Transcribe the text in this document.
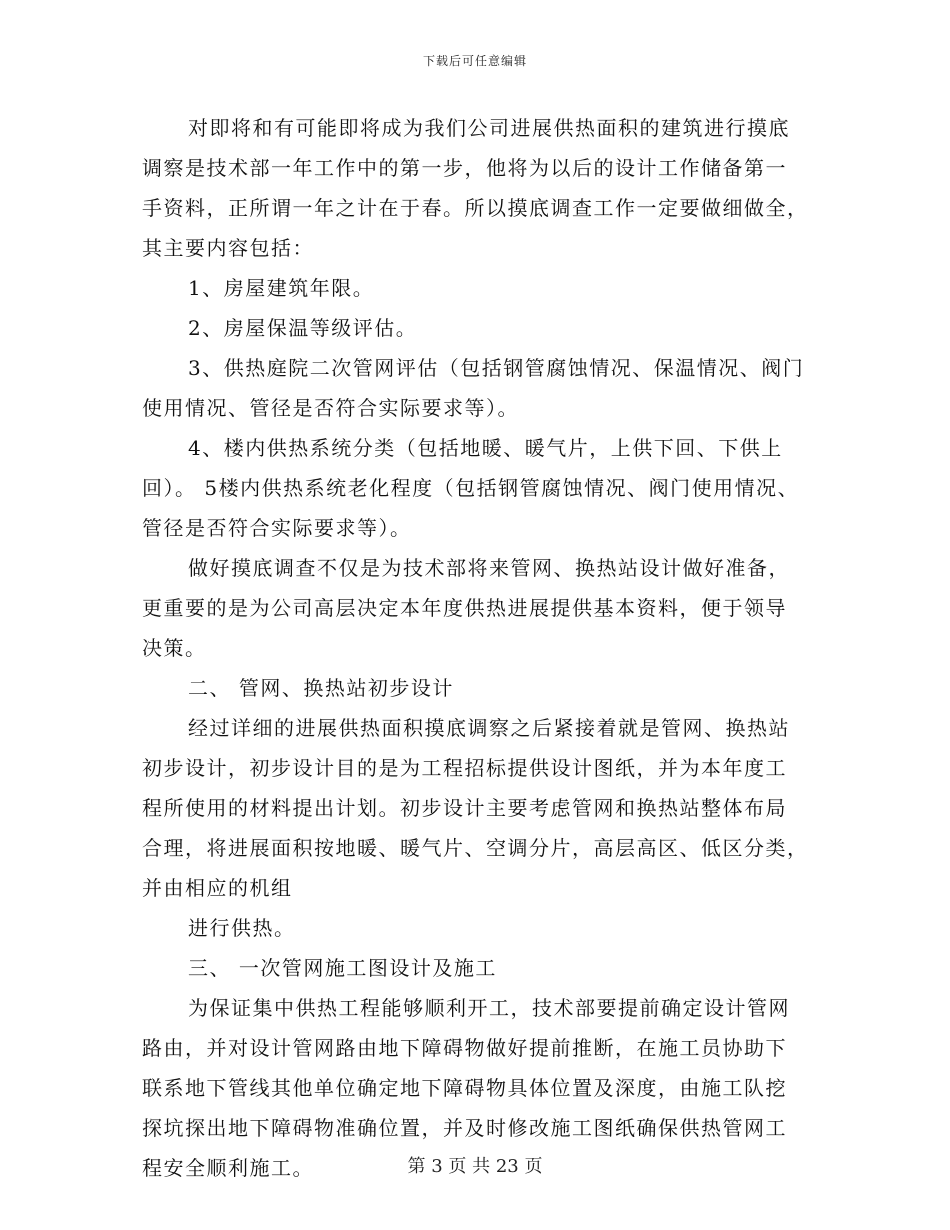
下载后可任意编辑
对即将和有可能即将成为我们公司进展供热面积的建筑进行摸底
调察是技术部一年工作中的第一步，他将为以后的设计工作储备第一
手资料，正所谓一年之计在于春。所以摸底调查工作一定要做细做全，
其主要内容包括：
1、房屋建筑年限。
2、房屋保温等级评估。
3、供热庭院二次管网评估（包括钢管腐蚀情况、保温情况、阀门
使用情况、管径是否符合实际要求等）。
4、楼内供热系统分类（包括地暖、暖气片，上供下回、下供上
回）。 5楼内供热系统老化程度（包括钢管腐蚀情况、阀门使用情况、
管径是否符合实际要求等）。
做好摸底调查不仅是为技术部将来管网、换热站设计做好准备，
更重要的是为公司高层决定本年度供热进展提供基本资料，便于领导
决策。
二、 管网、换热站初步设计
经过详细的进展供热面积摸底调察之后紧接着就是管网、换热站
初步设计，初步设计目的是为工程招标提供设计图纸，并为本年度工
程所使用的材料提出计划。初步设计主要考虑管网和换热站整体布局
合理，将进展面积按地暖、暖气片、空调分片，高层高区、低区分类，
并由相应的机组
进行供热。
三、 一次管网施工图设计及施工
为保证集中供热工程能够顺利开工，技术部要提前确定设计管网
路由，并对设计管网路由地下障碍物做好提前推断，在施工员协助下
联系地下管线其他单位确定地下障碍物具体位置及深度，由施工队挖
探坑探出地下障碍物准确位置，并及时修改施工图纸确保供热管网工
程安全顺利施工。	第 3 页 共 23 页
